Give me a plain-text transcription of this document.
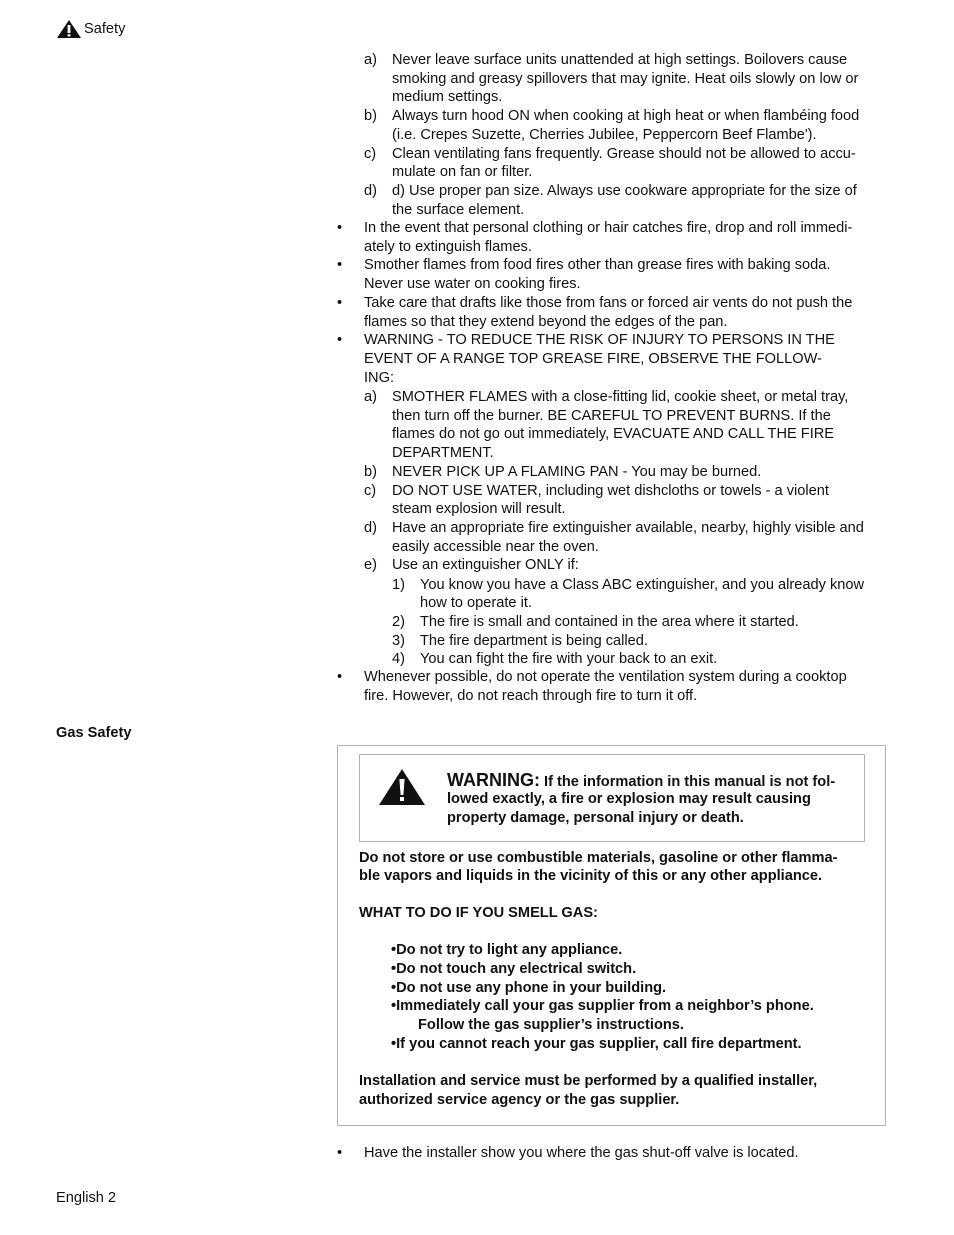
Safety
a) Never leave surface units unattended at high settings. Boilovers cause
smoking and greasy spillovers that may ignite. Heat oils slowly on low or
medium settings.
b) Always turn hood ON when cooking at high heat or when flambéing food
(i.e. Crepes Suzette, Cherries Jubilee, Peppercorn Beef Flambe').
c) Clean ventilating fans frequently. Grease should not be allowed to accu-
mulate on fan or filter.
d) d) Use proper pan size. Always use cookware appropriate for the size of
the surface element.
• In the event that personal clothing or hair catches fire, drop and roll immedi-
ately to extinguish flames.
• Smother flames from food fires other than grease fires with baking soda.
Never use water on cooking fires.
• Take care that drafts like those from fans or forced air vents do not push the
flames so that they extend beyond the edges of the pan.
• WARNING - TO REDUCE THE RISK OF INJURY TO PERSONS IN THE
EVENT OF A RANGE TOP GREASE FIRE, OBSERVE THE FOLLOW-
ING:
a) SMOTHER FLAMES with a close-fitting lid, cookie sheet, or metal tray,
then turn off the burner. BE CAREFUL TO PREVENT BURNS. If the
flames do not go out immediately, EVACUATE AND CALL THE FIRE
DEPARTMENT.
b) NEVER PICK UP A FLAMING PAN - You may be burned.
c) DO NOT USE WATER, including wet dishcloths or towels - a violent
steam explosion will result.
d) Have an appropriate fire extinguisher available, nearby, highly visible and
easily accessible near the oven.
e) Use an extinguisher ONLY if:
1) You know you have a Class ABC extinguisher, and you already know
how to operate it.
2) The fire is small and contained in the area where it started.
3) The fire department is being called.
4) You can fight the fire with your back to an exit.
• Whenever possible, do not operate the ventilation system during a cooktop
fire. However, do not reach through fire to turn it off.
• Have the installer show you where the gas shut-off valve is located.
Gas Safety
WARNING: If the information in this manual is not fol-
lowed exactly, a fire or explosion may result causing
property damage, personal injury or death.
Do not store or use combustible materials, gasoline or other flamma-
ble vapors and liquids in the vicinity of this or any other appliance.
WHAT TO DO IF YOU SMELL GAS:
•Do not try to light any appliance.
•Do not touch any electrical switch.
•Do not use any phone in your building.
•Immediately call your gas supplier from a neighbor’s phone.
Follow the gas supplier’s instructions.
•If you cannot reach your gas supplier, call fire department.
Installation and service must be performed by a qualified installer,
authorized service agency or the gas supplier.
English 2
